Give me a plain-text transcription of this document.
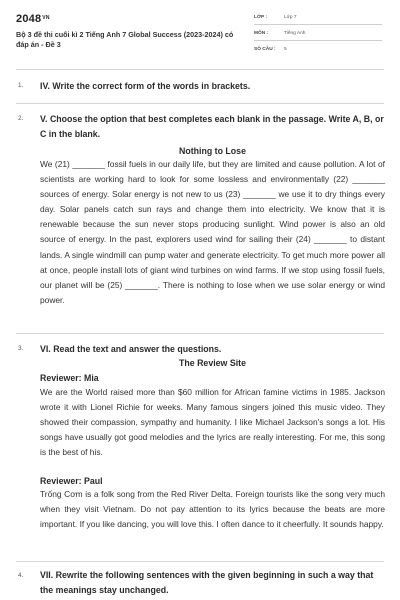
$2048^{VN}$
Bộ 3 đề thi cuối kì 2 Tiếng Anh 7 Global Success (2023-2024) có đáp án - Đề 3
LỚP :	Lớp 7
MÔN :	Tiếng Anh
SỐ CÂU : 5
1. IV. Write the correct form of the words in brackets.
2. V. Choose the option that best completes each blank in the passage. Write A, B, or C in the blank.
Nothing to Lose
We (21) _______ fossil fuels in our daily life, but they are limited and cause pollution. A lot of scientists are working hard to look for some lossless and environmentally (22) _______ sources of energy. Solar energy is not new to us (23) _______ we use it to dry things every day. Solar panels catch sun rays and change them into electricity. We know that it is renewable because the sun never stops producing sunlight. Wind power is also an old source of energy. In the past, explorers used wind for sailing their (24) _______ to distant lands. A single windmill can pump water and generate electricity. To get much more power all at once, people install lots of giant wind turbines on wind farms. If we stop using fossil fuels, our planet will be (25) _______. There is nothing to lose when we use solar energy or wind power.
3. VI. Read the text and answer the questions.
The Review Site
Reviewer: Mia
We are the World raised more than $60 million for African famine victims in 1985. Jackson wrote it with Lionel Richie for weeks. Many famous singers joined this music video. They showed their compassion, sympathy and humanity. I like Michael Jackson's songs a lot. His songs have usually got good melodies and the lyrics are really interesting. For me, this song is the best of his.
Reviewer: Paul
Trống Cơm is a folk song from the Red River Delta. Foreign tourists like the song very much when they visit Vietnam. Do not pay attention to its lyrics because the beats are more important. If you like dancing, you will love this. I often dance to it cheerfully. It sounds happy.
4. VII. Rewrite the following sentences with the given beginning in such a way that the meanings stay unchanged.
